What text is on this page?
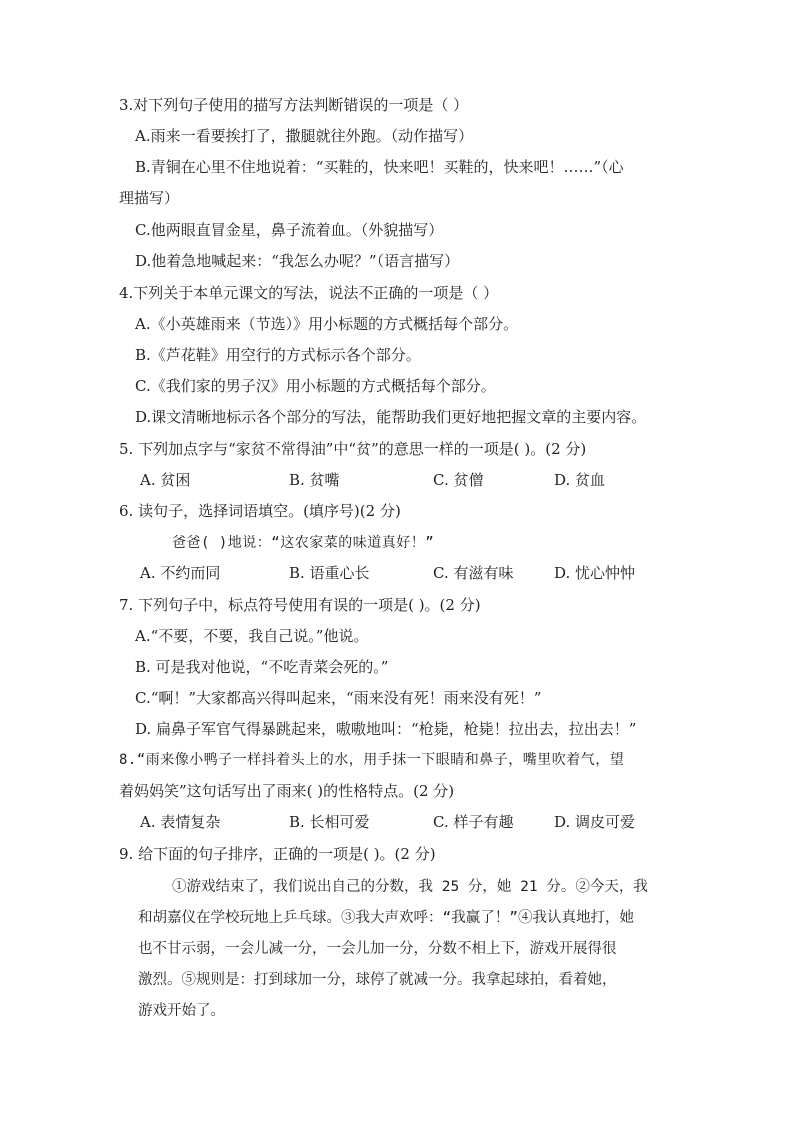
3.对下列句子使用的描写方法判断错误的一项是（ ）
A.雨来一看要挨打了，撒腿就往外跑。（动作描写）
B.青铜在心里不住地说着：“买鞋的，快来吧！买鞋的，快来吧！……”（心
理描写）
C.他两眼直冒金星，鼻子流着血。（外貌描写）
D.他着急地喊起来：“我怎么办呢？”（语言描写）
4.下列关于本单元课文的写法，说法不正确的一项是（ ）
A.《小英雄雨来（节选）》用小标题的方式概括每个部分。
B.《芦花鞋》用空行的方式标示各个部分。
C.《我们家的男子汉》用小标题的方式概括每个部分。
D.课文清晰地标示各个部分的写法，能帮助我们更好地把握文章的主要内容。
5. 下列加点字与“家贫不常得油”中“贫”的意思一样的一项是( )。(2 分)
A. 贫困	B. 贫嘴	C. 贫僧	D. 贫血
6. 读句子，选择词语填空。(填序号)(2 分)
爸爸( )地说：“这农家菜的味道真好！”
A. 不约而同	B. 语重心长	C. 有滋有味	D. 忧心忡忡
7. 下列句子中，标点符号使用有误的一项是( )。(2 分)
A.“不要，不要，我自己说。”他说。
B. 可是我对他说，“不吃青菜会死的。”
C.“啊！”大家都高兴得叫起来，“雨来没有死！雨来没有死！”
D. 扁鼻子军官气得暴跳起来，嗷嗷地叫：“枪毙，枪毙！拉出去，拉出去！”
8.“雨来像小鸭子一样抖着头上的水，用手抹一下眼睛和鼻子，嘴里吹着气，望
着妈妈笑”这句话写出了雨来( )的性格特点。(2 分)
A. 表情复杂	B. 长相可爱	C. 样子有趣	D. 调皮可爱
9. 给下面的句子排序，正确的一项是( )。(2 分)

①游戏结束了，我们说出自己的分数，我 25 分，她 21 分。②今天，我

和胡嘉仪在学校玩地上乒乓球。③我大声欢呼：“我赢了！”④我认真地打，她

也不甘示弱，一会儿减一分，一会儿加一分，分数不相上下，游戏开展得很

激烈。⑤规则是：打到球加一分，球停了就减一分。我拿起球拍，看着她，

游戏开始了。
